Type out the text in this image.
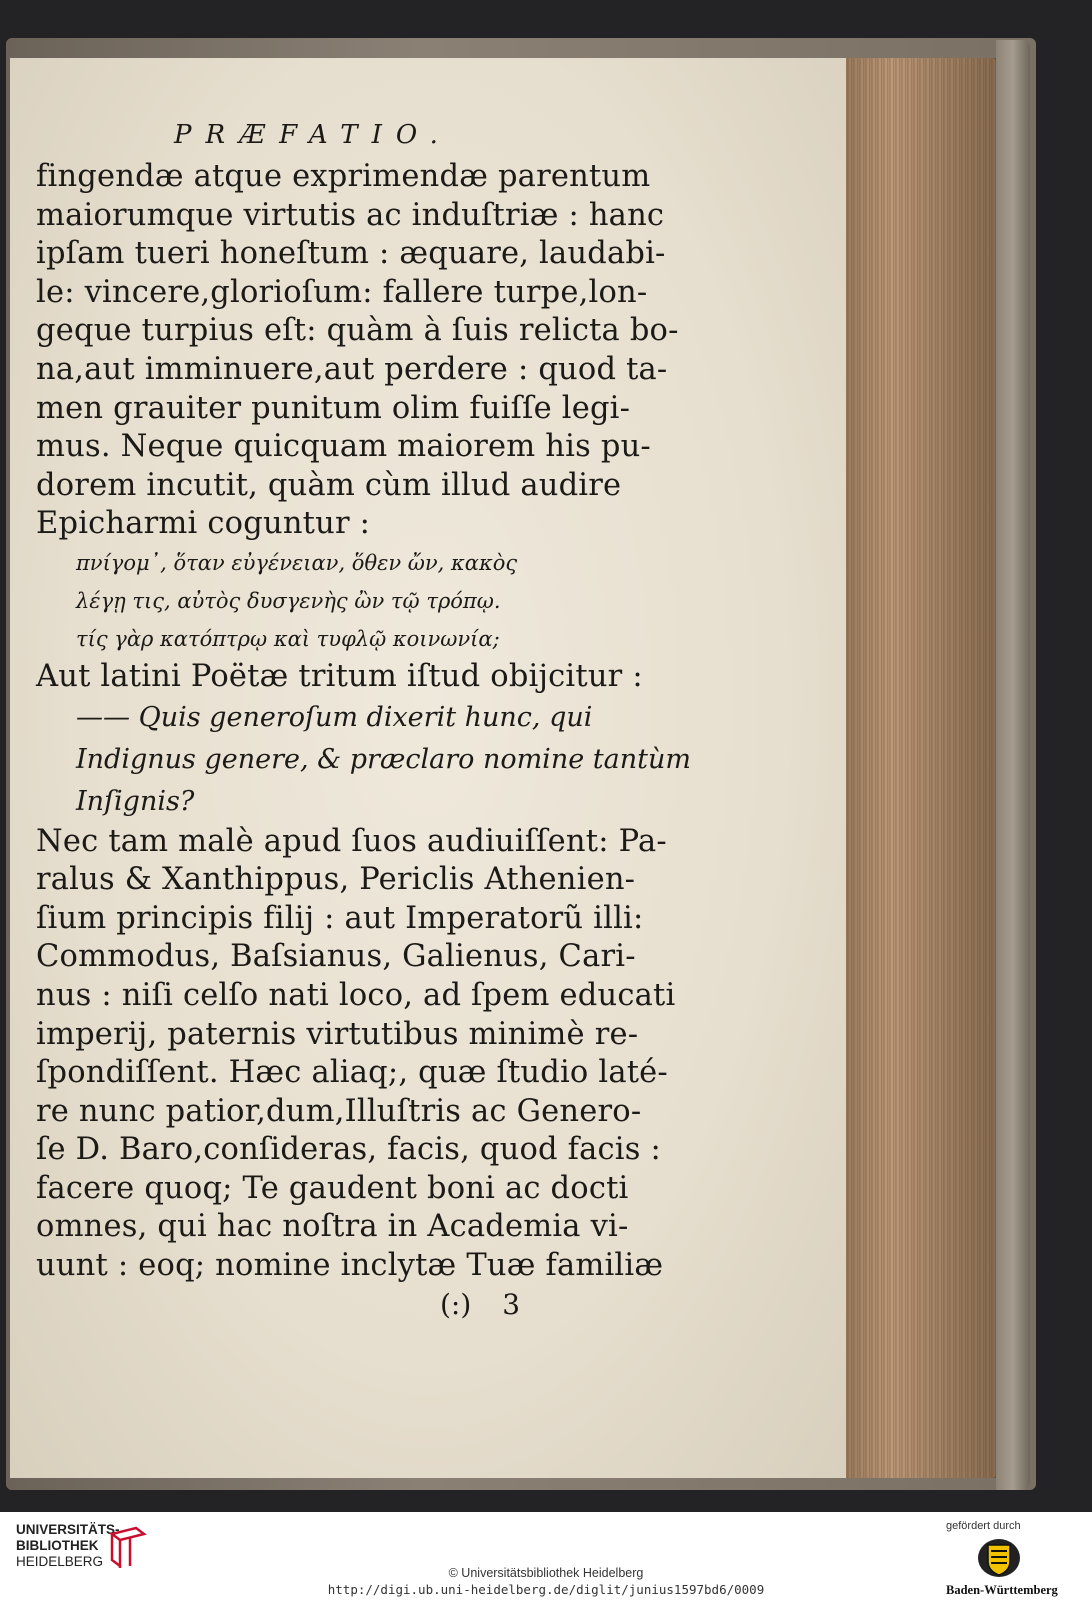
PRÆFATIO.
fingendæ atque exprimendæ parentum
maiorumque virtutis ac induſtriæ : hanc
ipſam tueri honeſtum : æquare, laudabi-
le: vincere,glorioſum: fallere turpe,lon-
geque turpius eſt: quàm à ſuis relicta bo-
na,aut imminuere,aut perdere : quod ta-
men grauiter punitum olim fuiſſe legi-
mus. Neque quicquam maiorem his pu-
dorem incutit, quàm cùm illud audire
Epicharmi coguntur :
πνίγομ᾽, ὅταν εὐγένειαν, ὅθεν ὤν, κακὸς
λέγῃ τις, αὐτὸς δυσγενὴς ὢν τῷ τρόπῳ.
τίς γὰρ κατόπτρῳ καὶ τυφλῷ κοινωνία;
Aut latini Poëtæ tritum iſtud obijcitur :
—— Quis generoſum dixerit hunc, qui
Indignus genere, & præclaro nomine tantùm
Inſignis?
Nec tam malè apud ſuos audiuiſſent: Pa-
ralus & Xanthippus, Periclis Athenien-
ſium principis filij : aut Imperatorũ illi:
Commodus, Baſsianus, Galienus, Cari-
nus : niſi celſo nati loco, ad ſpem educati
imperij, paternis virtutibus minimè re-
ſpondiſſent. Hæc aliaq;, quæ ſtudio laté-
re nunc patior,dum,Illuſtris ac Genero-
ſe D. Baro,conſideras, facis, quod facis :
facere quoq; Te gaudent boni ac docti
omnes, qui hac noſtra in Academia vi-
uunt : eoq; nomine inclytæ Tuæ familiæ
(:) 3
UNIVERSITÄTS-
BIBLIOTHEK
HEIDELBERG
© Universitätsbibliothek Heidelberg
http://digi.ub.uni-heidelberg.de/diglit/junius1597bd6/0009
gefördert durch
Baden-Württemberg
